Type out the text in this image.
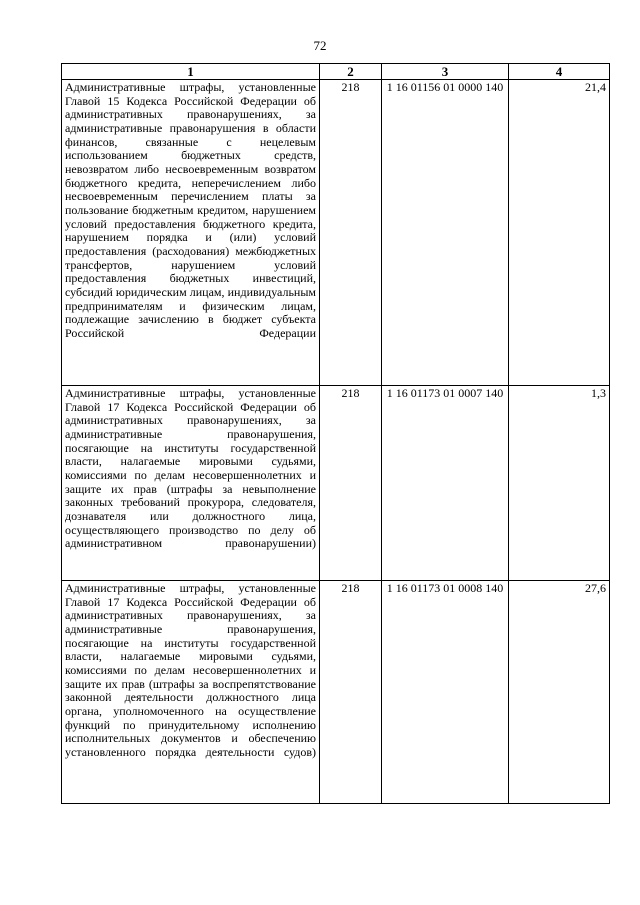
72
1	2	3	4
Административные штрафы, установленные Главой 15 Кодекса Российской Федерации об административных правонарушениях, за административные правонарушения в области финансов, связанные с нецелевым использованием бюджетных средств, невозвратом либо несвоевременным возвратом бюджетного кредита, неперечислением либо несвоевременным перечислением платы за пользование бюджетным кредитом, нарушением условий предоставления бюджетного кредита, нарушением порядка и (или) условий предоставления (расходования) межбюджетных трансфертов, нарушением условий предоставления бюджетных инвестиций, субсидий юридическим лицам, индивидуальным предпринимателям и физическим лицам, подлежащие зачислению в бюджет субъекта Российской Федерации	218	1 16 01156 01 0000 140	21,4
Административные штрафы, установленные Главой 17 Кодекса Российской Федерации об административных правонарушениях, за административные правонарушения, посягающие на институты государственной власти, налагаемые мировыми судьями, комиссиями по делам несовершеннолетних и защите их прав (штрафы за невыполнение законных требований прокурора, следователя, дознавателя или должностного лица, осуществляющего производство по делу об административном правонарушении)	218	1 16 01173 01 0007 140	1,3
Административные штрафы, установленные Главой 17 Кодекса Российской Федерации об административных правонарушениях, за административные правонарушения, посягающие на институты государственной власти, налагаемые мировыми судьями, комиссиями по делам несовершеннолетних и защите их прав (штрафы за воспрепятствование законной деятельности должностного лица органа, уполномоченного на осуществление функций по принудительному исполнению исполнительных документов и обеспечению установленного порядка деятельности судов)	218	1 16 01173 01 0008 140	27,6
